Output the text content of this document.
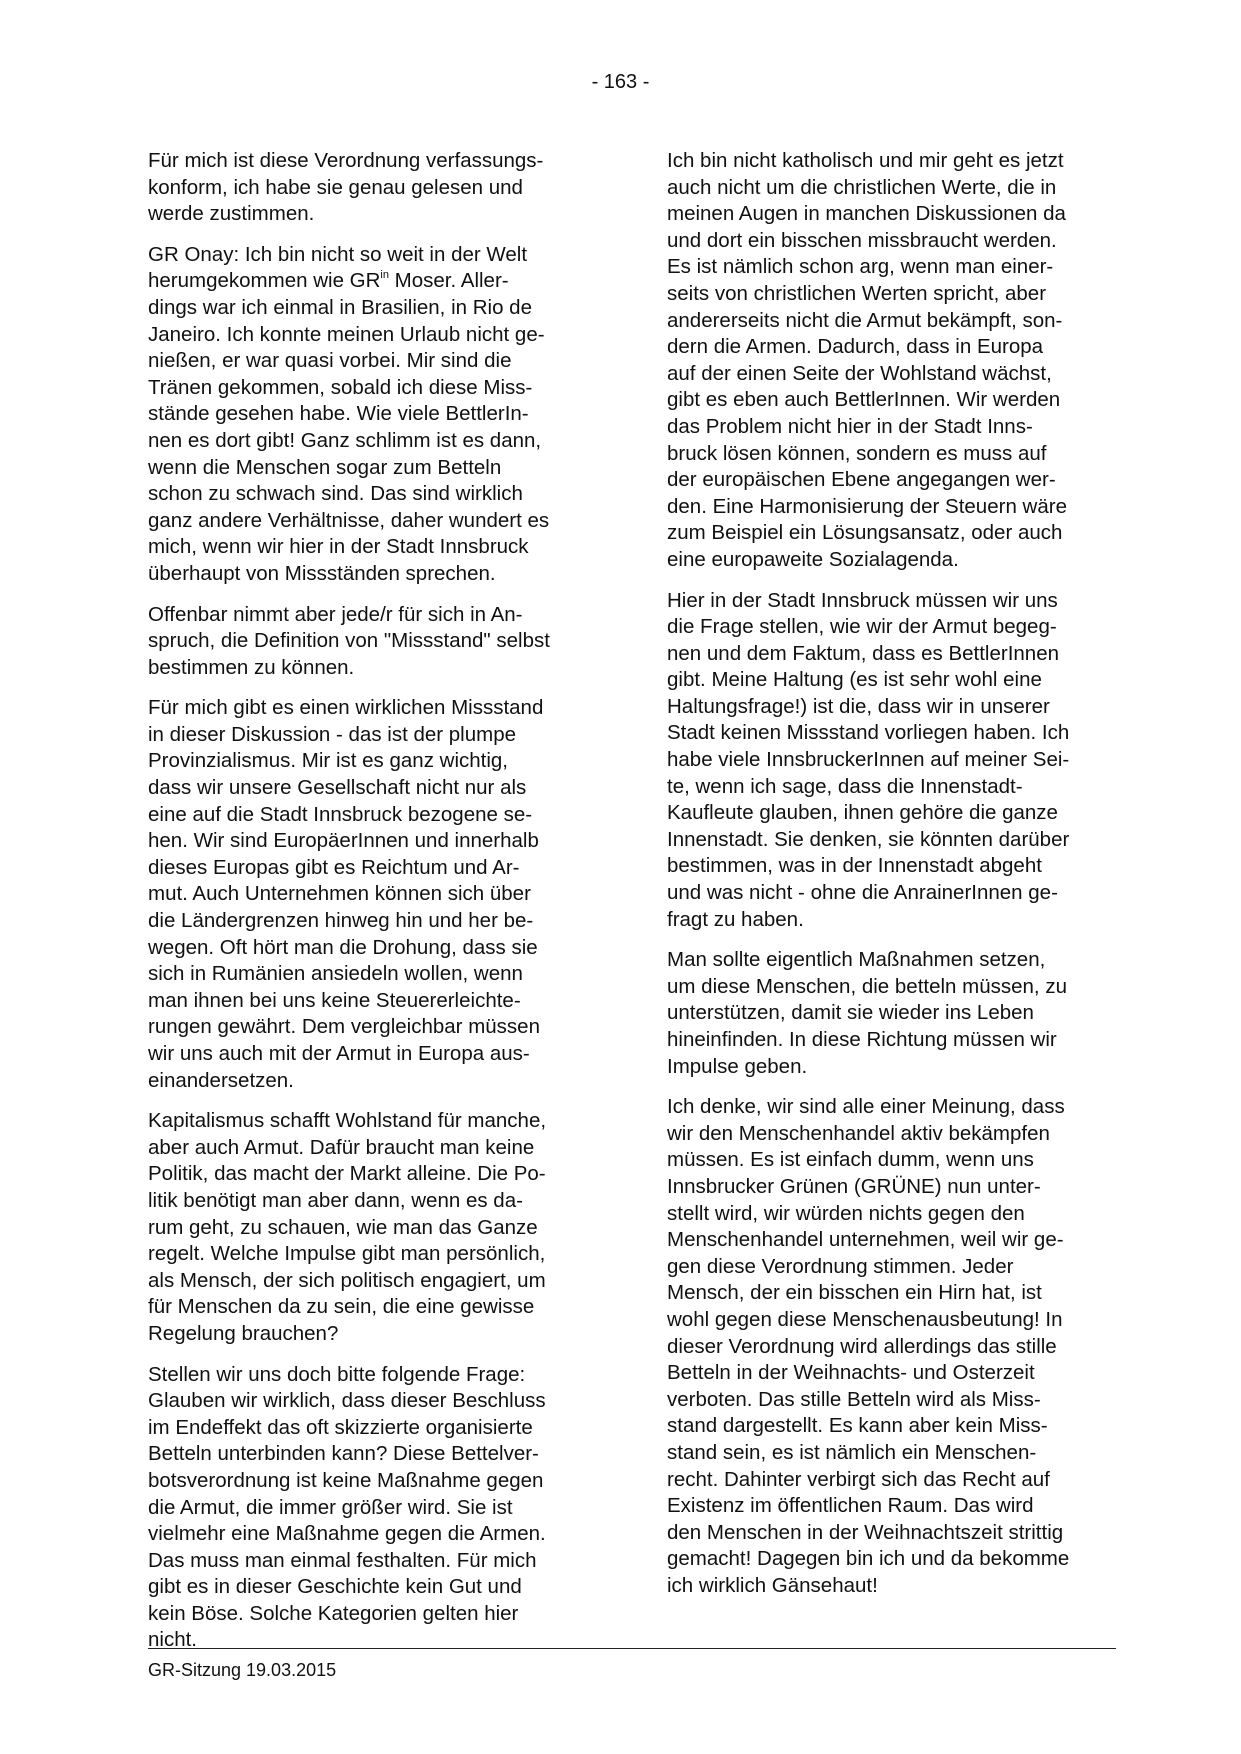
- 163 -

Für mich ist diese Verordnung verfassungs-
konform, ich habe sie genau gelesen und
werde zustimmen.

GR Onay: Ich bin nicht so weit in der Welt
herumgekommen wie $GR^{in}$ Moser. Aller-
dings war ich einmal in Brasilien, in Rio de
Janeiro. Ich konnte meinen Urlaub nicht ge-
nießen, er war quasi vorbei. Mir sind die
Tränen gekommen, sobald ich diese Miss-
stände gesehen habe. Wie viele BettlerIn-
nen es dort gibt! Ganz schlimm ist es dann,
wenn die Menschen sogar zum Betteln
schon zu schwach sind. Das sind wirklich
ganz andere Verhältnisse, daher wundert es
mich, wenn wir hier in der Stadt Innsbruck
überhaupt von Missständen sprechen.

Offenbar nimmt aber jede/r für sich in An-
spruch, die Definition von "Missstand" selbst
bestimmen zu können.

Für mich gibt es einen wirklichen Missstand
in dieser Diskussion - das ist der plumpe
Provinzialismus. Mir ist es ganz wichtig,
dass wir unsere Gesellschaft nicht nur als
eine auf die Stadt Innsbruck bezogene se-
hen. Wir sind EuropäerInnen und innerhalb
dieses Europas gibt es Reichtum und Ar-
mut. Auch Unternehmen können sich über
die Ländergrenzen hinweg hin und her be-
wegen. Oft hört man die Drohung, dass sie
sich in Rumänien ansiedeln wollen, wenn
man ihnen bei uns keine Steuererleichte-
rungen gewährt. Dem vergleichbar müssen
wir uns auch mit der Armut in Europa aus-
einandersetzen.

Kapitalismus schafft Wohlstand für manche,
aber auch Armut. Dafür braucht man keine
Politik, das macht der Markt alleine. Die Po-
litik benötigt man aber dann, wenn es da-
rum geht, zu schauen, wie man das Ganze
regelt. Welche Impulse gibt man persönlich,
als Mensch, der sich politisch engagiert, um
für Menschen da zu sein, die eine gewisse
Regelung brauchen?

Stellen wir uns doch bitte folgende Frage:
Glauben wir wirklich, dass dieser Beschluss
im Endeffekt das oft skizzierte organisierte
Betteln unterbinden kann? Diese Bettelver-
botsverordnung ist keine Maßnahme gegen
die Armut, die immer größer wird. Sie ist
vielmehr eine Maßnahme gegen die Armen.
Das muss man einmal festhalten. Für mich
gibt es in dieser Geschichte kein Gut und
kein Böse. Solche Kategorien gelten hier
nicht.

Ich bin nicht katholisch und mir geht es jetzt
auch nicht um die christlichen Werte, die in
meinen Augen in manchen Diskussionen da
und dort ein bisschen missbraucht werden.
Es ist nämlich schon arg, wenn man einer-
seits von christlichen Werten spricht, aber
andererseits nicht die Armut bekämpft, son-
dern die Armen. Dadurch, dass in Europa
auf der einen Seite der Wohlstand wächst,
gibt es eben auch BettlerInnen. Wir werden
das Problem nicht hier in der Stadt Inns-
bruck lösen können, sondern es muss auf
der europäischen Ebene angegangen wer-
den. Eine Harmonisierung der Steuern wäre
zum Beispiel ein Lösungsansatz, oder auch
eine europaweite Sozialagenda.

Hier in der Stadt Innsbruck müssen wir uns
die Frage stellen, wie wir der Armut begeg-
nen und dem Faktum, dass es BettlerInnen
gibt. Meine Haltung (es ist sehr wohl eine
Haltungsfrage!) ist die, dass wir in unserer
Stadt keinen Missstand vorliegen haben. Ich
habe viele InnsbruckerInnen auf meiner Sei-
te, wenn ich sage, dass die Innenstadt-
Kaufleute glauben, ihnen gehöre die ganze
Innenstadt. Sie denken, sie könnten darüber
bestimmen, was in der Innenstadt abgeht
und was nicht - ohne die AnrainerInnen ge-
fragt zu haben.

Man sollte eigentlich Maßnahmen setzen,
um diese Menschen, die betteln müssen, zu
unterstützen, damit sie wieder ins Leben
hineinfinden. In diese Richtung müssen wir
Impulse geben.

Ich denke, wir sind alle einer Meinung, dass
wir den Menschenhandel aktiv bekämpfen
müssen. Es ist einfach dumm, wenn uns
Innsbrucker Grünen (GRÜNE) nun unter-
stellt wird, wir würden nichts gegen den
Menschenhandel unternehmen, weil wir ge-
gen diese Verordnung stimmen. Jeder
Mensch, der ein bisschen ein Hirn hat, ist
wohl gegen diese Menschenausbeutung! In
dieser Verordnung wird allerdings das stille
Betteln in der Weihnachts- und Osterzeit
verboten. Das stille Betteln wird als Miss-
stand dargestellt. Es kann aber kein Miss-
stand sein, es ist nämlich ein Menschen-
recht. Dahinter verbirgt sich das Recht auf
Existenz im öffentlichen Raum. Das wird
den Menschen in der Weihnachtszeit strittig
gemacht! Dagegen bin ich und da bekomme
ich wirklich Gänsehaut!

GR-Sitzung 19.03.2015
